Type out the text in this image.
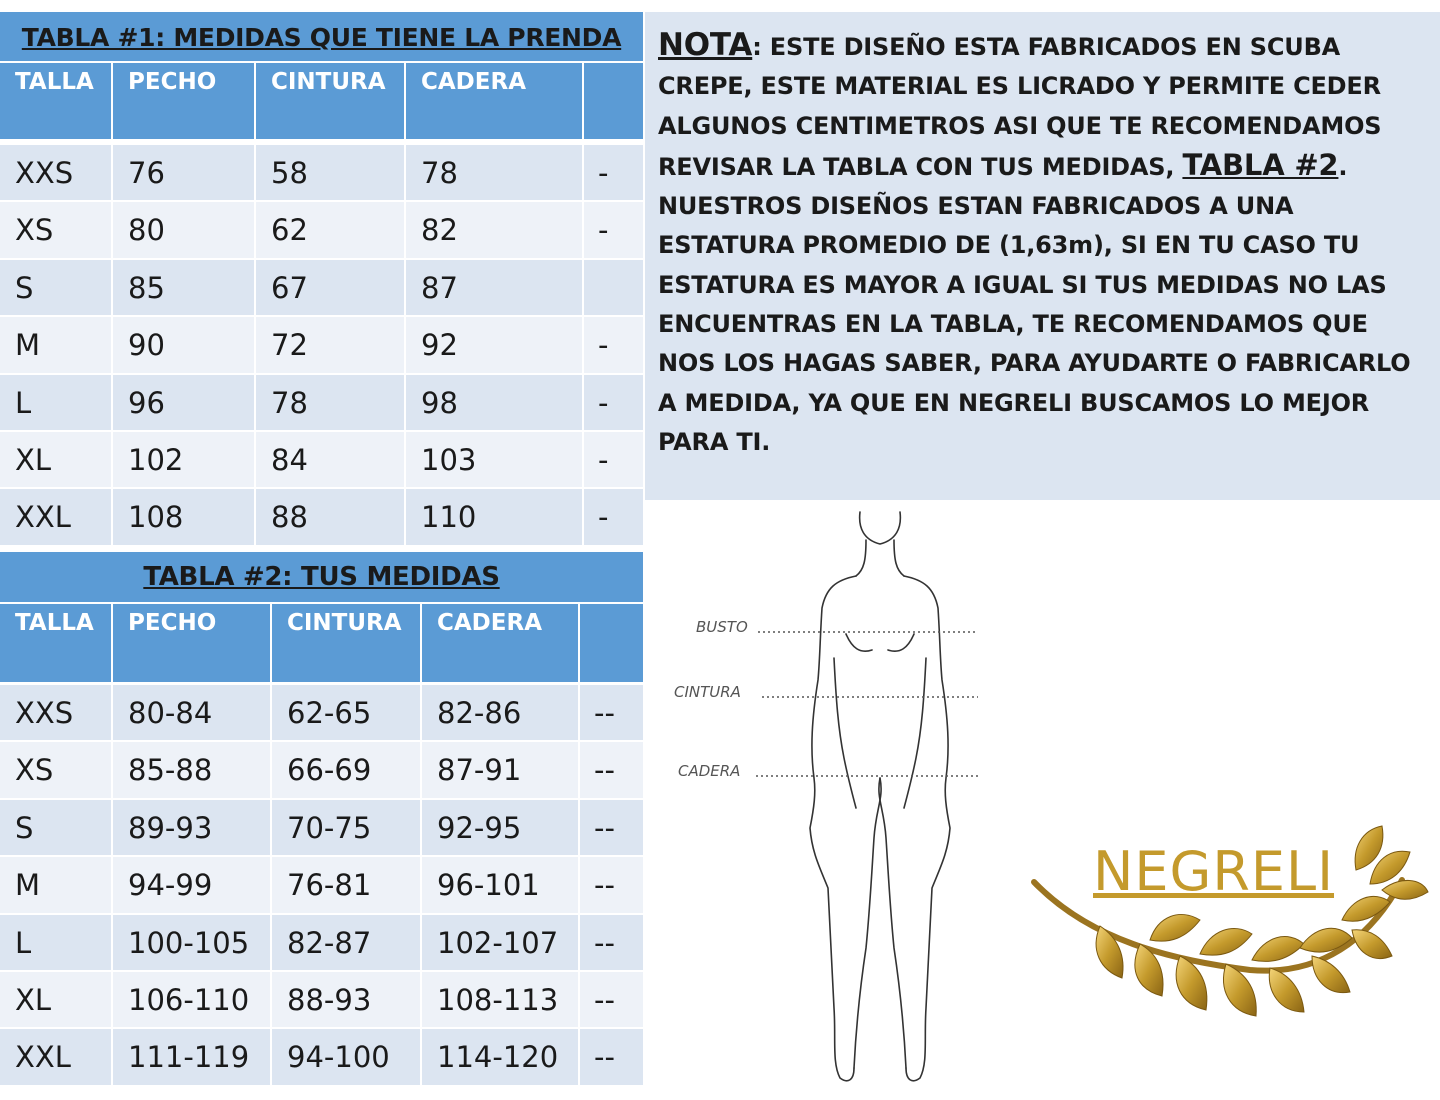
TABLA #1: MEDIDAS QUE TIENE LA PRENDA
TALLA	PECHO	CINTURA	CADERA
XXS	76	58	78	-
XS	80	62	82	-
S	85	67	87
M	90	72	92	-
L	96	78	98	-
XL	102	84	103	-
XXL	108	88	110	-
TABLA #2: TUS MEDIDAS
TALLA	PECHO	CINTURA	CADERA
XXS	80-84	62-65	82-86	--
XS	85-88	66-69	87-91	--
S	89-93	70-75	92-95	--
M	94-99	76-81	96-101	--
L	100-105	82-87	102-107	--
XL	106-110	88-93	108-113	--
XXL	111-119	94-100	114-120	--
NOTA: ESTE DISEÑO ESTA FABRICADOS EN SCUBA CREPE, ESTE MATERIAL ES LICRADO Y PERMITE CEDER ALGUNOS CENTIMETROS ASI QUE TE RECOMENDAMOS REVISAR LA TABLA CON TUS MEDIDAS, TABLA #2.
NUESTROS DISEÑOS ESTAN FABRICADOS A UNA ESTATURA PROMEDIO DE (1,63m), SI EN TU CASO TU ESTATURA ES MAYOR A IGUAL SI TUS MEDIDAS NO LAS ENCUENTRAS EN LA TABLA, TE RECOMENDAMOS QUE NOS LOS HAGAS SABER, PARA AYUDARTE O FABRICARLO A MEDIDA, YA QUE EN NEGRELI BUSCAMOS LO MEJOR PARA TI.
BUSTO
CINTURA
CADERA
NEGRELI
